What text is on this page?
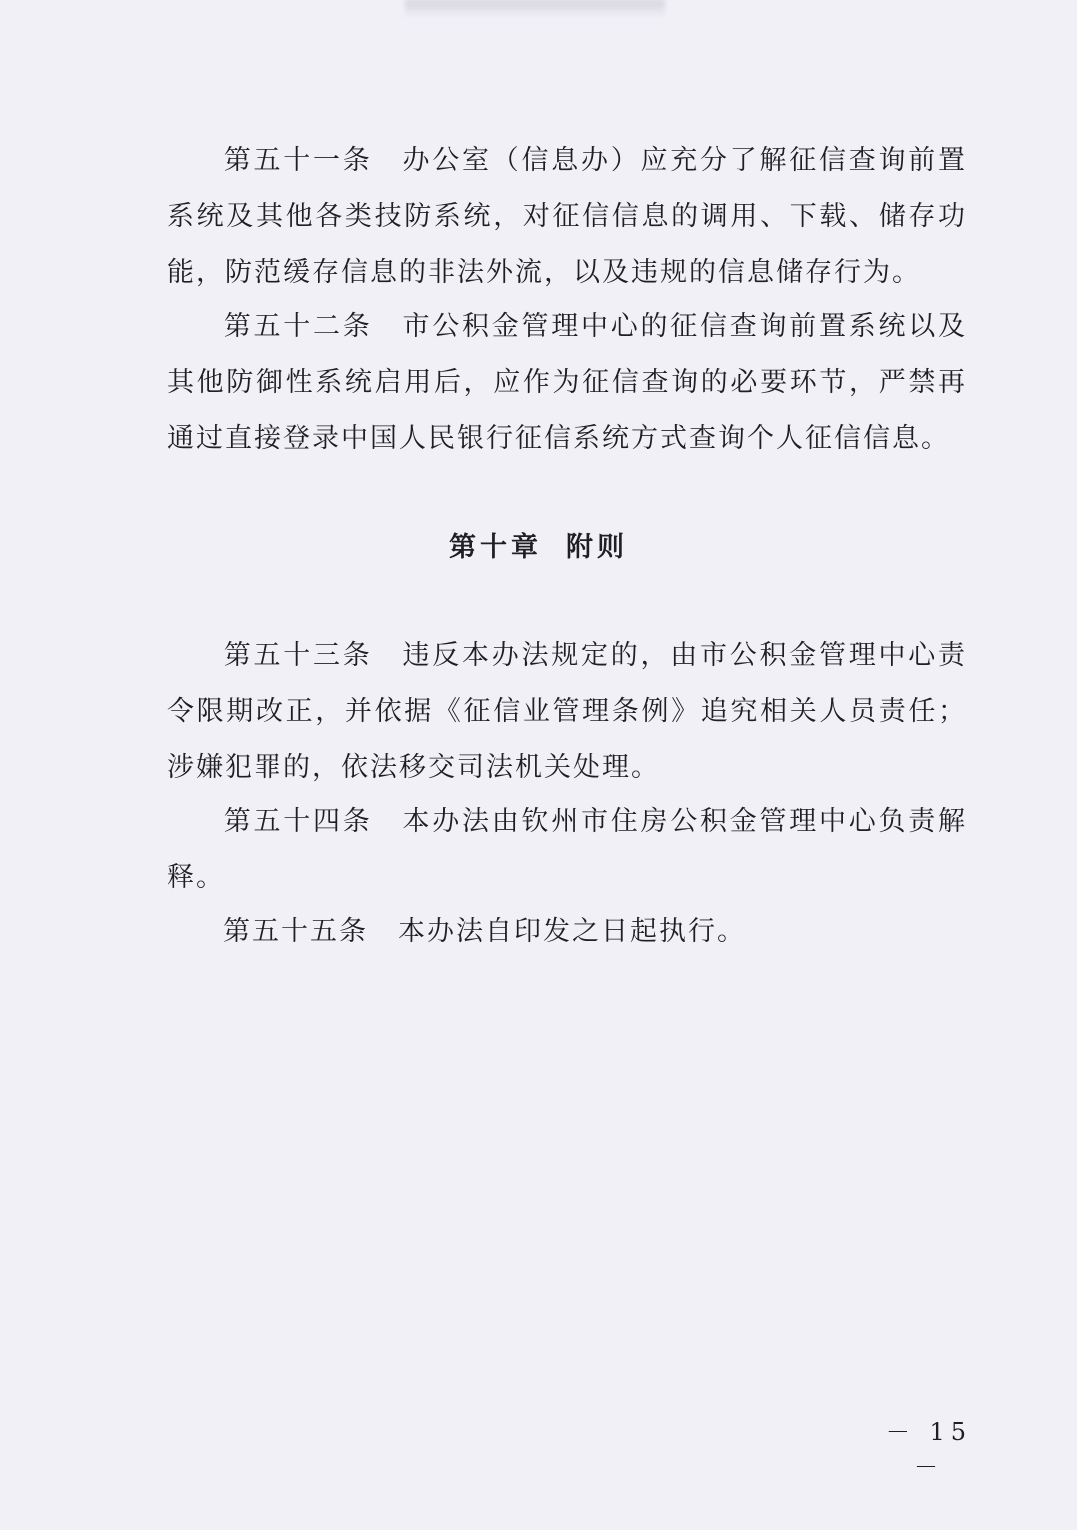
第五十一条 办公室（信息办）应充分了解征信查询前置系统及其他各类技防系统，对征信信息的调用、下载、储存功能，防范缓存信息的非法外流，以及违规的信息储存行为。

第五十二条 市公积金管理中心的征信查询前置系统以及其他防御性系统启用后，应作为征信查询的必要环节，严禁再通过直接登录中国人民银行征信系统方式查询个人征信信息。

第十章 附则

第五十三条 违反本办法规定的，由市公积金管理中心责令限期改正，并依据《征信业管理条例》追究相关人员责任；涉嫌犯罪的，依法移交司法机关处理。

第五十四条 本办法由钦州市住房公积金管理中心负责解释。

第五十五条 本办法自印发之日起执行。

－ 15 －
